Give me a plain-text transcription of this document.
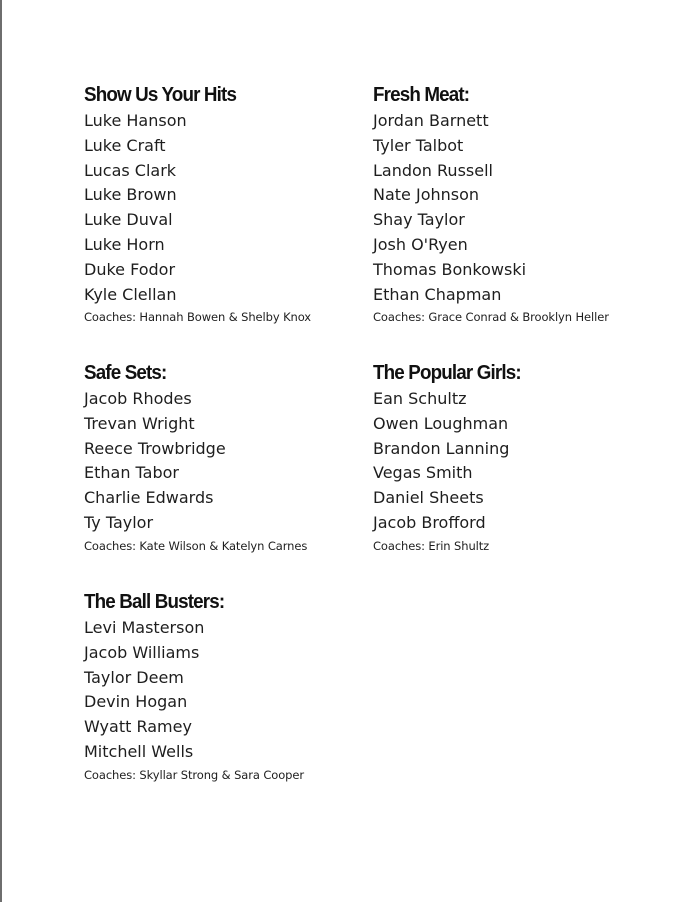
Show Us Your Hits
Luke Hanson
Luke Craft
Lucas Clark
Luke Brown
Luke Duval
Luke Horn
Duke Fodor
Kyle Clellan
Coaches: Hannah Bowen & Shelby Knox
Fresh Meat:
Jordan Barnett
Tyler Talbot
Landon Russell
Nate Johnson
Shay Taylor
Josh O'Ryen
Thomas Bonkowski
Ethan Chapman
Coaches: Grace Conrad & Brooklyn Heller
Safe Sets:
Jacob Rhodes
Trevan Wright
Reece Trowbridge
Ethan Tabor
Charlie Edwards
Ty Taylor
Coaches: Kate Wilson & Katelyn Carnes
The Popular Girls:
Ean Schultz
Owen Loughman
Brandon Lanning
Vegas Smith
Daniel Sheets
Jacob Brofford
Coaches: Erin Shultz
The Ball Busters:
Levi Masterson
Jacob Williams
Taylor Deem
Devin Hogan
Wyatt Ramey
Mitchell Wells
Coaches: Skyllar Strong & Sara Cooper
